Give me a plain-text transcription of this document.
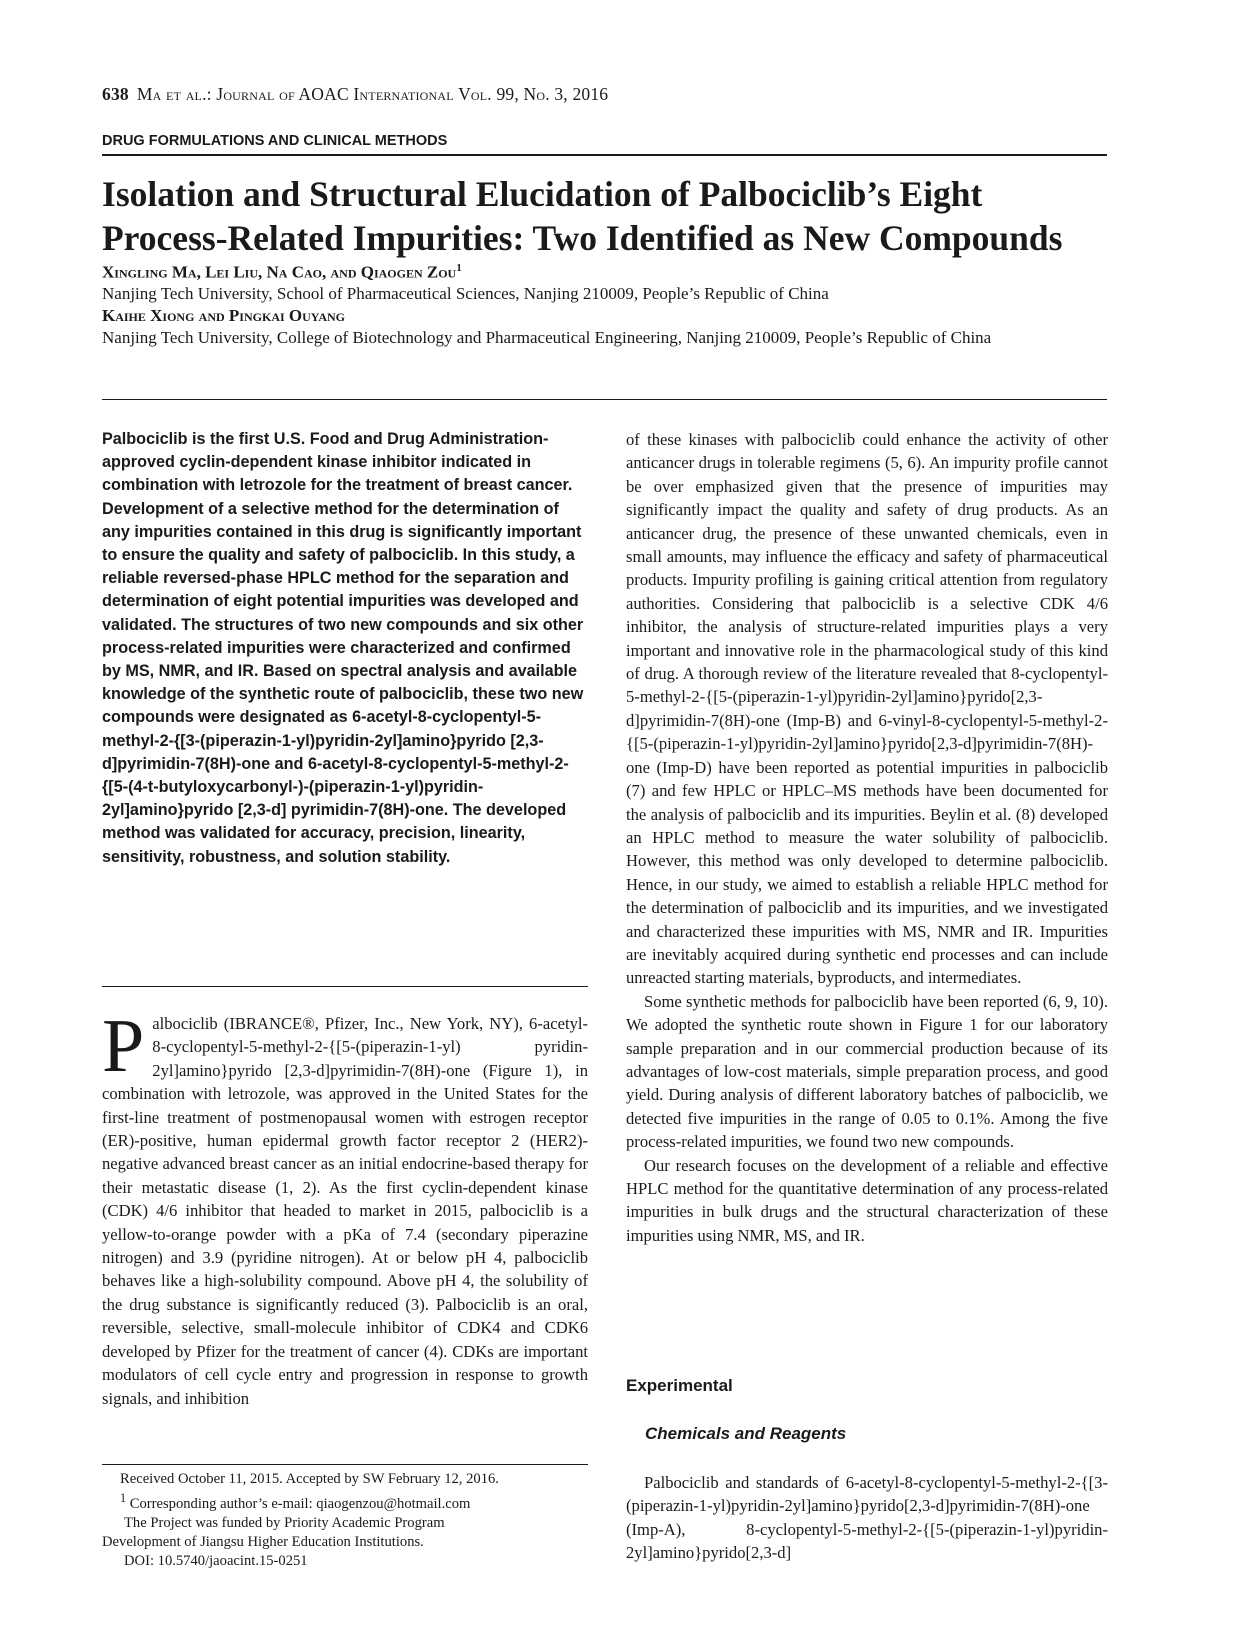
638 Ma et al.: Journal of AOAC International Vol. 99, No. 3, 2016
DRUG FORMULATIONS AND CLINICAL METHODS
Isolation and Structural Elucidation of Palbociclib’s Eight
Process-Related Impurities: Two Identified as New Compounds

Xingling Ma, Lei Liu, Na Cao, and Qiaogen Zou$^1$

Nanjing Tech University, School of Pharmaceutical Sciences, Nanjing 210009, People’s Republic of China

Kaihe Xiong and Pingkai Ouyang

Nanjing Tech University, College of Biotechnology and Pharmaceutical Engineering, Nanjing 210009, People’s Republic of China

Palbociclib is the first U.S. Food and Drug Administration-approved cyclin-dependent kinase inhibitor indicated in combination with letrozole for the treatment of breast cancer. Development of a selective method for the determination of any impurities contained in this drug is significantly important to ensure the quality and safety of palbociclib. In this study, a reliable reversed-phase HPLC method for the separation and determination of eight potential impurities was developed and validated. The structures of two new compounds and six other process-related impurities were characterized and confirmed by MS, NMR, and IR. Based on spectral analysis and available knowledge of the synthetic route of palbociclib, these two new compounds were designated as 6-acetyl-8-cyclopentyl-5-methyl-2-{[3-(piperazin-1-yl)pyridin-2yl]amino}pyrido [2,3-d]pyrimidin-7(8H)-one and 6-acetyl-8-cyclopentyl-5-methyl-2-{[5-(4-t-butyloxycarbonyl-)-(piperazin-1-yl)pyridin-2yl]amino}pyrido [2,3-d] pyrimidin-7(8H)-one. The developed method was validated for accuracy, precision, linearity, sensitivity, robustness, and solution stability.

Palbociclib (IBRANCE®, Pfizer, Inc., New York, NY), 6-acetyl-8-cyclopentyl-5-methyl-2-{[5-(piperazin-1-yl) pyridin-2yl]amino}pyrido [2,3-d]pyrimidin-7(8H)-one (Figure 1), in combination with letrozole, was approved in the United States for the first-line treatment of postmenopausal women with estrogen receptor (ER)-positive, human epidermal growth factor receptor 2 (HER2)-negative advanced breast cancer as an initial endocrine-based therapy for their metastatic disease (1, 2). As the first cyclin-dependent kinase (CDK) 4/6 inhibitor that headed to market in 2015, palbociclib is a yellow-to-orange powder with a pKa of 7.4 (secondary piperazine nitrogen) and 3.9 (pyridine nitrogen). At or below pH 4, palbociclib behaves like a high-solubility compound. Above pH 4, the solubility of the drug substance is significantly reduced (3). Palbociclib is an oral, reversible, selective, small-molecule inhibitor of CDK4 and CDK6 developed by Pfizer for the treatment of cancer (4). CDKs are important modulators of cell cycle entry and progression in response to growth signals, and inhibition

Received October 11, 2015. Accepted by SW February 12, 2016.

$^1$ Corresponding author’s e-mail: qiaogenzou@hotmail.com

The Project was funded by Priority Academic Program

Development of Jiangsu Higher Education Institutions.

DOI: 10.5740/jaoacint.15-0251

of these kinases with palbociclib could enhance the activity of other anticancer drugs in tolerable regimens (5, 6). An impurity profile cannot be over emphasized given that the presence of impurities may significantly impact the quality and safety of drug products. As an anticancer drug, the presence of these unwanted chemicals, even in small amounts, may influence the efficacy and safety of pharmaceutical products. Impurity profiling is gaining critical attention from regulatory authorities. Considering that palbociclib is a selective CDK 4/6 inhibitor, the analysis of structure-related impurities plays a very important and innovative role in the pharmacological study of this kind of drug. A thorough review of the literature revealed that 8-cyclopentyl-5-methyl-2-{[5-(piperazin-1-yl)pyridin-2yl]amino}pyrido[2,3-d]pyrimidin-7(8H)-one (Imp-B) and 6-vinyl-8-cyclopentyl-5-methyl-2-{[5-(piperazin-1-yl)pyridin-2yl]amino}pyrido[2,3-d]pyrimidin-7(8H)-one (Imp-D) have been reported as potential impurities in palbociclib (7) and few HPLC or HPLC–MS methods have been documented for the analysis of palbociclib and its impurities. Beylin et al. (8) developed an HPLC method to measure the water solubility of palbociclib. However, this method was only developed to determine palbociclib. Hence, in our study, we aimed to establish a reliable HPLC method for the determination of palbociclib and its impurities, and we investigated and characterized these impurities with MS, NMR and IR. Impurities are inevitably acquired during synthetic end processes and can include unreacted starting materials, byproducts, and intermediates.

Some synthetic methods for palbociclib have been reported (6, 9, 10). We adopted the synthetic route shown in Figure 1 for our laboratory sample preparation and in our commercial production because of its advantages of low-cost materials, simple preparation process, and good yield. During analysis of different laboratory batches of palbociclib, we detected five impurities in the range of 0.05 to 0.1%. Among the five process-related impurities, we found two new compounds.

Our research focuses on the development of a reliable and effective HPLC method for the quantitative determination of any process-related impurities in bulk drugs and the structural characterization of these impurities using NMR, MS, and IR.

Experimental
Chemicals and Reagents

Palbociclib and standards of 6-acetyl-8-cyclopentyl-5-methyl-2-{[3-(piperazin-1-yl)pyridin-2yl]amino}pyrido[2,3-d]pyrimidin-7(8H)-one (Imp-A), 8-cyclopentyl-5-methyl-2-{[5-(piperazin-1-yl)pyridin-2yl]amino}pyrido[2,3-d]
